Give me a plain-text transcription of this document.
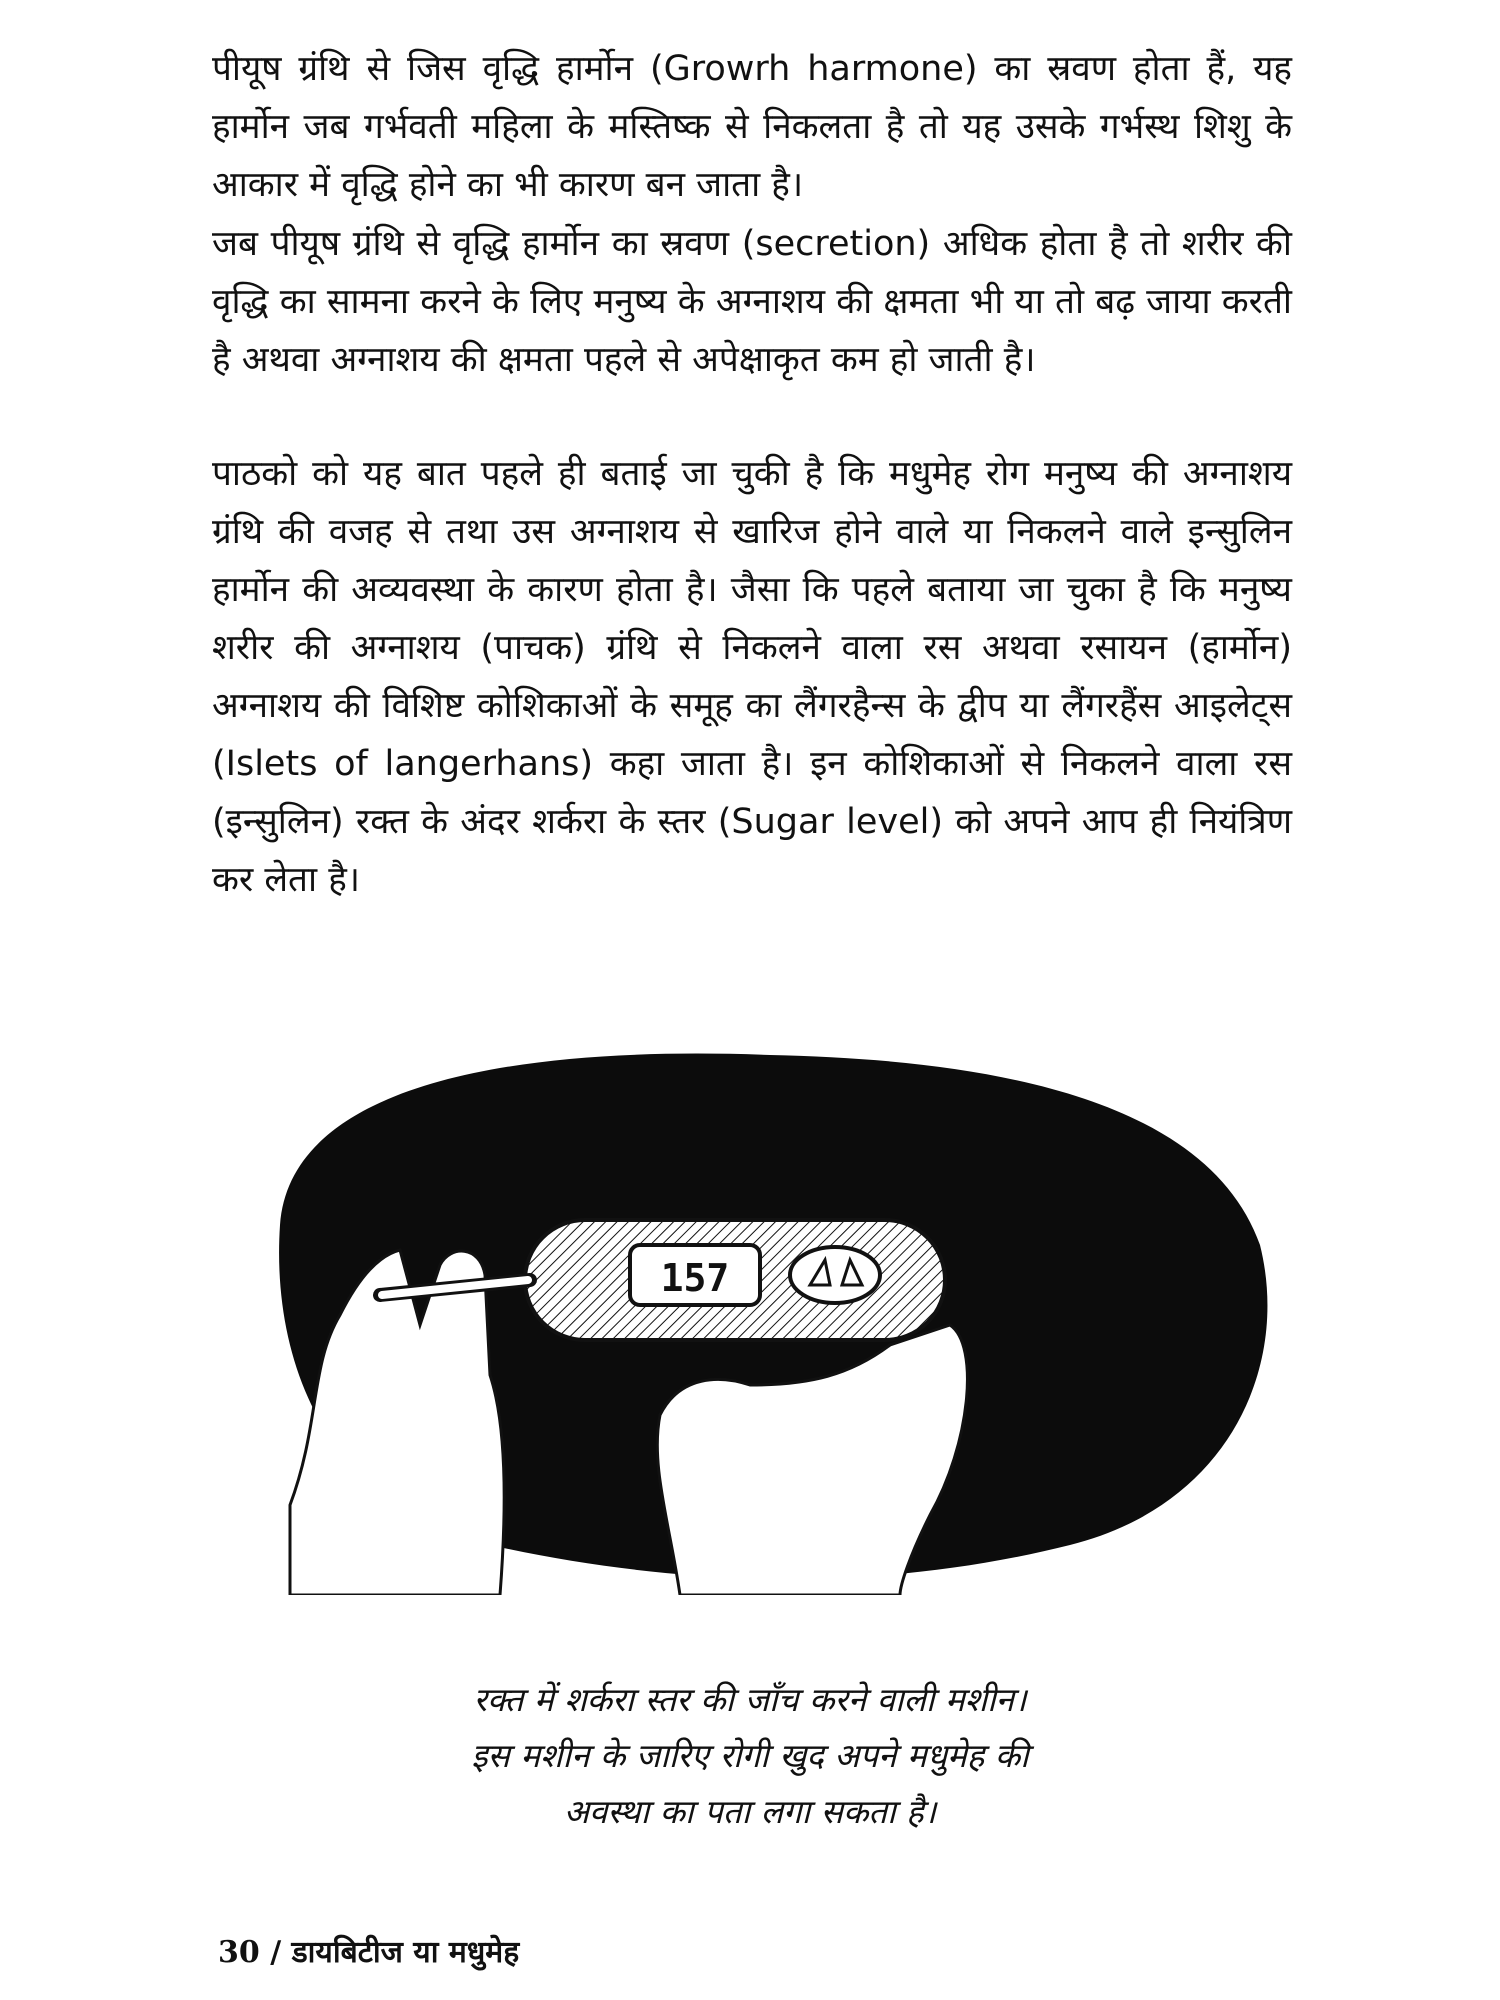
पीयूष ग्रंथि से जिस वृद्धि हार्मोन (Growrh harmone) का स्रवण होता हैं, यह हार्मोन जब गर्भवती महिला के मस्तिष्क से निकलता है तो यह उसके गर्भस्थ शिशु के आकार में वृद्धि होने का भी कारण बन जाता है।

जब पीयूष ग्रंथि से वृद्धि हार्मोन का स्रवण (secretion) अधिक होता है तो शरीर की वृद्धि का सामना करने के लिए मनुष्य के अग्नाशय की क्षमता भी या तो बढ़ जाया करती है अथवा अग्नाशय की क्षमता पहले से अपेक्षाकृत कम हो जाती है।

पाठको को यह बात पहले ही बताई जा चुकी है कि मधुमेह रोग मनुष्य की अग्नाशय ग्रंथि की वजह से तथा उस अग्नाशय से खारिज होने वाले या निकलने वाले इन्सुलिन हार्मोन की अव्यवस्था के कारण होता है। जैसा कि पहले बताया जा चुका है कि मनुष्य शरीर की अग्नाशय (पाचक) ग्रंथि से निकलने वाला रस अथवा रसायन (हार्मोन) अग्नाशय की विशिष्ट कोशिकाओं के समूह का लैंगरहैन्स के द्वीप या लैंगरहैंस आइलेट्स (Islets of langerhans) कहा जाता है। इन कोशिकाओं से निकलने वाला रस (इन्सुलिन) रक्त के अंदर शर्करा के स्तर (Sugar level) को अपने आप ही नियंत्रिण कर लेता है।

157
रक्त में शर्करा स्तर की जाँच करने वाली मशीन।
इस मशीन के जारिए रोगी खुद अपने मधुमेह की
अवस्था का पता लगा सकता है।
30 / डायबिटीज या मधुमेह
